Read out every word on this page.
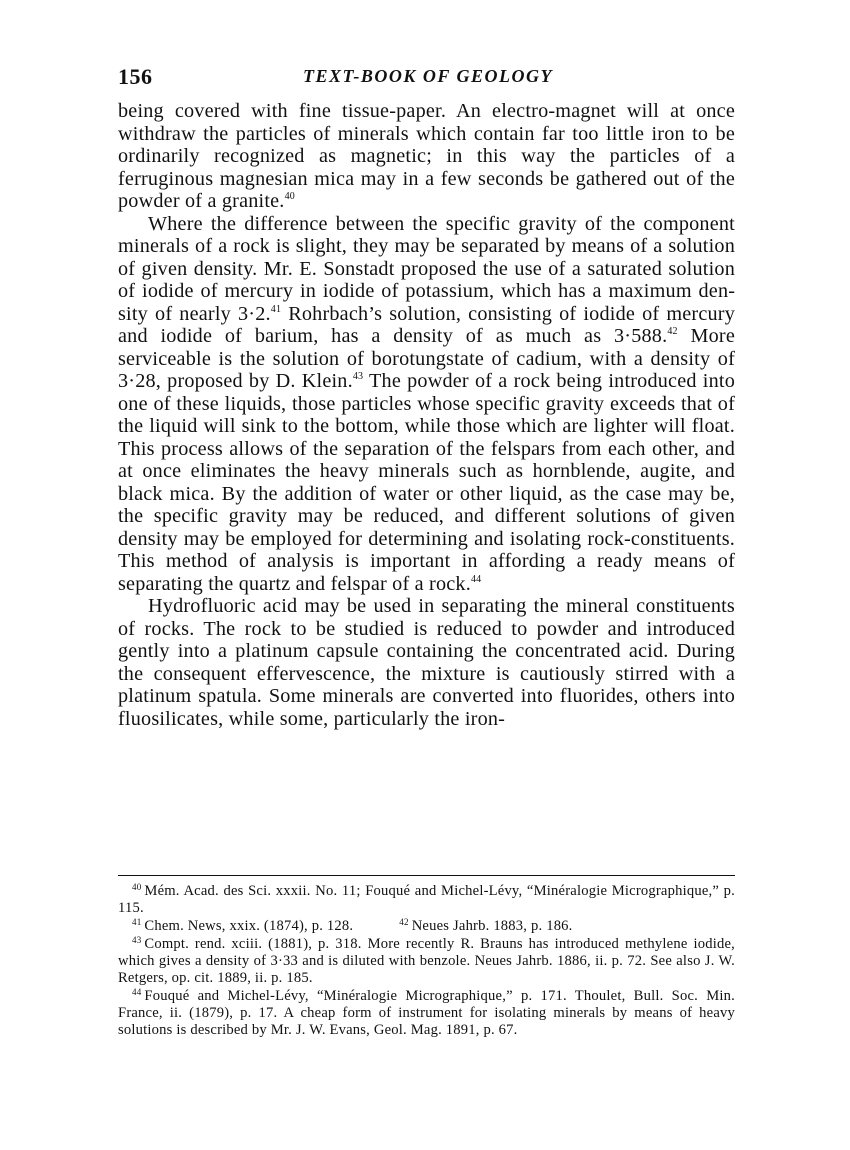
156	TEXT-BOOK OF GEOLOGY

being covered with fine tissue-paper. An electro-magnet will at once withdraw the particles of minerals which contain far too little iron to be ordinarily recognized as magnetic; in this way the particles of a ferruginous magnesian mica may in a few seconds be gathered out of the powder of a granite.$^{40}$

Where the difference between the specific gravity of the component minerals of a rock is slight, they may be separated by means of a solution of given density. Mr. E. Sonstadt proposed the use of a saturated solution of iodide of mercury in iodide of potassium, which has a maximum density of nearly 3·2.41 Rohrbach’s solution, consisting of iodide of mercury and iodide of barium, has a density of as much as 3·588.42 More serviceable is the solution of borotungstate of cadium, with a density of 3·28, proposed by D. Klein.$^{43}$ The powder of a rock being introduced into one of these liquids, those particles whose specific gravity exceeds that of the liquid will sink to the bottom, while those which are lighter will float. This process allows of the separation of the felspars from each other, and at once eliminates the heavy minerals such as hornblende, augite, and black mica. By the addition of water or other liquid, as the case may be, the specific gravity may be reduced, and different solutions of given density may be employed for determining and isolating rock-constituents. This method of analysis is important in affording a ready means of separating the quartz and felspar of a rock.$^{44}$

Hydrofluoric acid may be used in separating the mineral constituents of rocks. The rock to be studied is reduced to powder and introduced gently into a platinum capsule containing the concentrated acid. During the consequent effervescence, the mixture is cautiously stirred with a platinum spatula. Some minerals are converted into fluorides, others into fluosilicates, while some, particularly the iron-

$^{40}$ Mém. Acad. des Sci. xxxii. No. 11; Fouqué and Michel-Lévy, “Minéralogie Micrographique,” p. 115.

$^{41}$ Chem. News, xxix. (1874), p. 128.	$^{42}$ Neues Jahrb. 1883, p. 186.

$^{43}$ Compt. rend. xciii. (1881), p. 318. More recently R. Brauns has introduced methylene iodide, which gives a density of 3·33 and is diluted with benzole. Neues Jahrb. 1886, ii. p. 72. See also J. W. Retgers, op. cit. 1889, ii. p. 185.

$^{44}$ Fouqué and Michel-Lévy, “Minéralogie Micrographique,” p. 171. Thoulet, Bull. Soc. Min. France, ii. (1879), p. 17. A cheap form of instrument for isolating minerals by means of heavy solutions is described by Mr. J. W. Evans, Geol. Mag. 1891, p. 67.
